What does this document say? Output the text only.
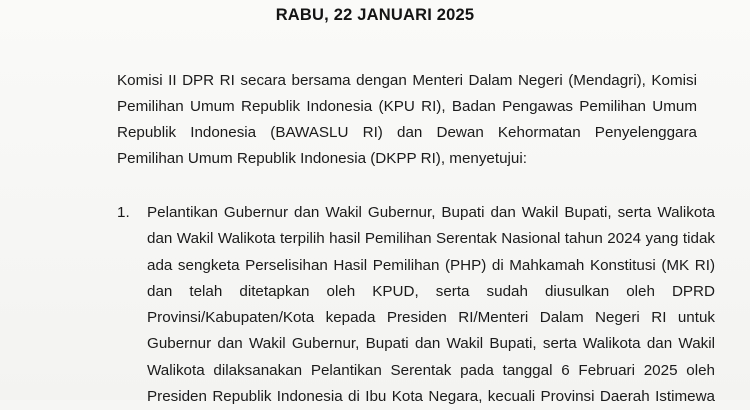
RABU, 22 JANUARI 2025

Komisi II DPR RI secara bersama dengan Menteri Dalam Negeri (Mendagri), Komisi Pemilihan Umum Republik Indonesia (KPU RI), Badan Pengawas Pemilihan Umum Republik Indonesia (BAWASLU RI) dan Dewan Kehormatan Penyelenggara Pemilihan Umum Republik Indonesia (DKPP RI), menyetujui:

1. Pelantikan Gubernur dan Wakil Gubernur, Bupati dan Wakil Bupati, serta Walikota
dan Wakil Walikota terpilih hasil Pemilihan Serentak Nasional tahun 2024 yang tidak
ada sengketa Perselisihan Hasil Pemilihan (PHP) di Mahkamah Konstitusi (MK RI)
dan telah ditetapkan oleh KPUD, serta sudah diusulkan oleh DPRD
Provinsi/Kabupaten/Kota kepada Presiden RI/Menteri Dalam Negeri RI untuk
Gubernur dan Wakil Gubernur, Bupati dan Wakil Bupati, serta Walikota dan Wakil
Walikota dilaksanakan Pelantikan Serentak pada tanggal 6 Februari 2025 oleh
Presiden Republik Indonesia di Ibu Kota Negara, kecuali Provinsi Daerah Istimewa
